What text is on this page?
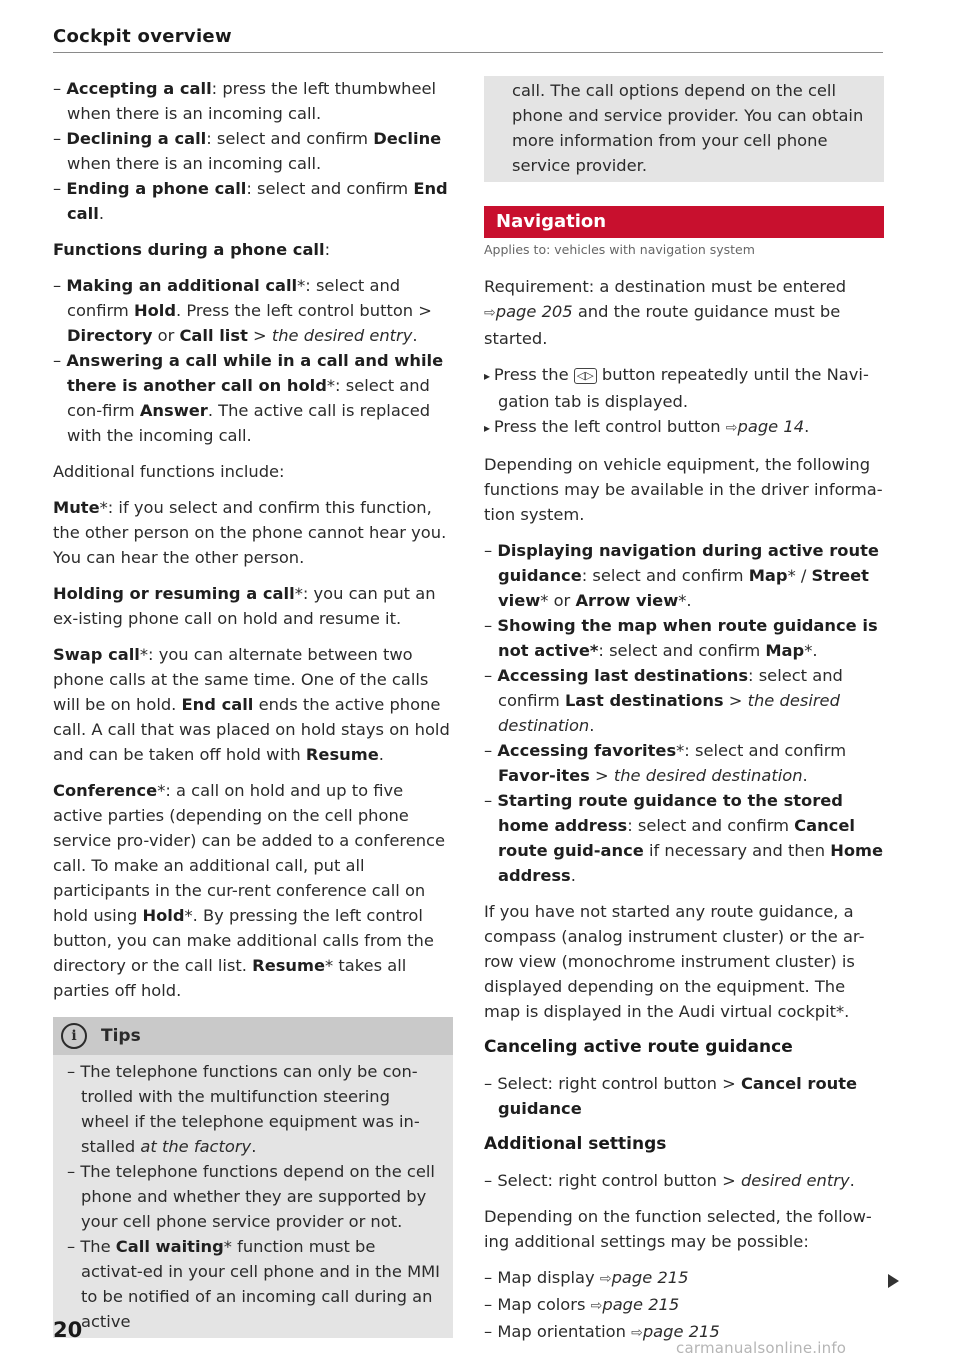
Cockpit overview
– Accepting a call: press the left thumbwheel when there is an incoming call.
– Declining a call: select and confirm Decline when there is an incoming call.
– Ending a phone call: select and confirm End call.

Functions during a phone call:

– Making an additional call*: select and confirm Hold. Press the left control button > Directory or Call list > the desired entry.
– Answering a call while in a call and while there is another call on hold*: select and con-firm Answer. The active call is replaced with the incoming call.

Additional functions include:

Mute*: if you select and confirm this function, the other person on the phone cannot hear you. You can hear the other person.

Holding or resuming a call*: you can put an ex-isting phone call on hold and resume it.

Swap call*: you can alternate between two phone calls at the same time. One of the calls will be on hold. End call ends the active phone call. A call that was placed on hold stays on hold and can be taken off hold with Resume.

Conference*: a call on hold and up to five active parties (depending on the cell phone service pro-vider) can be added to a conference call. To make an additional call, put all participants in the cur-rent conference call on hold using Hold*. By pressing the left control button, you can make additional calls from the directory or the call list. Resume* takes all parties off hold.

i	Tips
– The telephone functions can only be con-trolled with the multifunction steering wheel if the telephone equipment was in-stalled at the factory.
– The telephone functions depend on the cell phone and whether they are supported by your cell phone service provider or not.
– The Call waiting* function must be activat-ed in your cell phone and in the MMI to be notified of an incoming call during an active

call. The call options depend on the cell phone and service provider. You can obtain more information from your cell phone service provider.

Navigation

Applies to: vehicles with navigation system

Requirement: a destination must be entered ⇨ page 205 and the route guidance must be started.

▸ Press the ◁▷ button repeatedly until the Navi-gation tab is displayed.
▸ Press the left control button ⇨ page 14.

Depending on vehicle equipment, the following functions may be available in the driver informa-tion system.

– Displaying navigation during active route guidance: select and confirm Map* / Street view* or Arrow view*.
– Showing the map when route guidance is not active*: select and confirm Map*.
– Accessing last destinations: select and confirm Last destinations > the desired destination.
– Accessing favorites*: select and confirm Favor-ites > the desired destination.
– Starting route guidance to the stored home address: select and confirm Cancel route guid-ance if necessary and then Home address.

If you have not started any route guidance, a compass (analog instrument cluster) or the ar-row view (monochrome instrument cluster) is displayed depending on the equipment. The map is displayed in the Audi virtual cockpit*.

Canceling active route guidance
– Select: right control button > Cancel route guidance
Additional settings
– Select: right control button > desired entry.

Depending on the function selected, the follow-ing additional settings may be possible:

– Map display ⇨ page 215
– Map colors ⇨ page 215
– Map orientation ⇨ page 215
20
carmanualsonline.info
